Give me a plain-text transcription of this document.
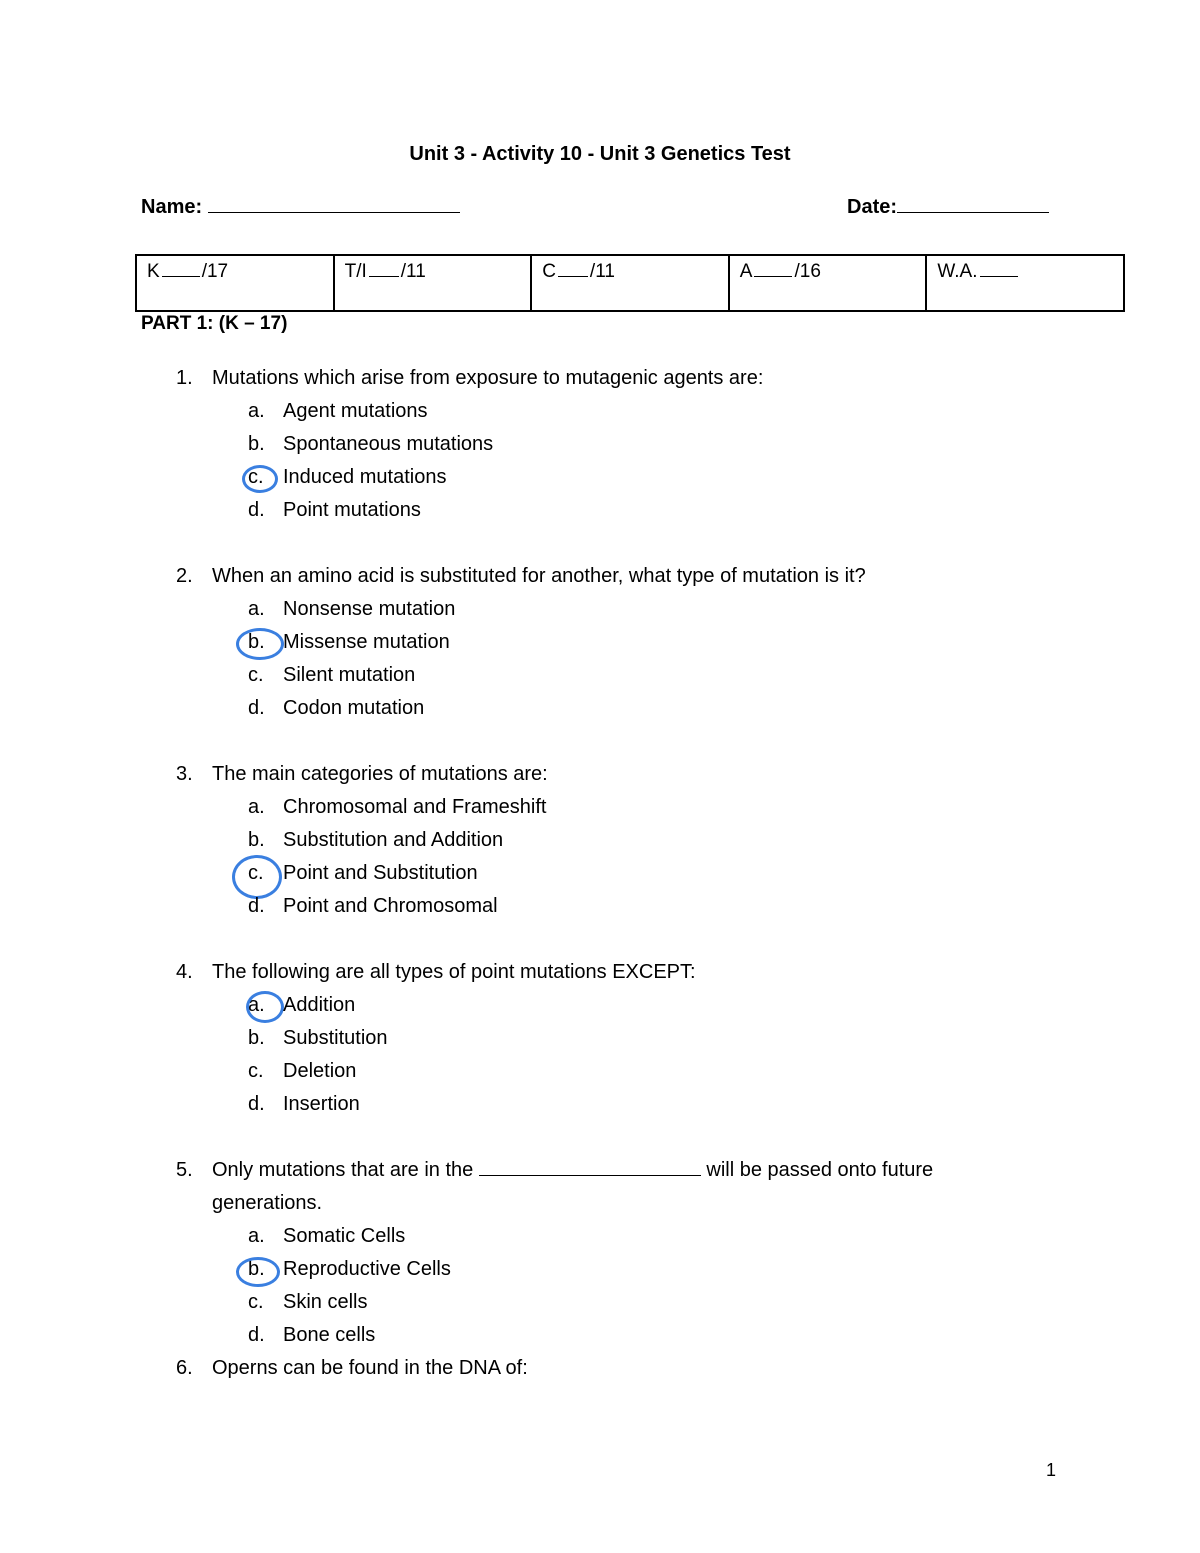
Unit 3 - Activity 10 - Unit 3 Genetics Test
Name:	Date:
K /17	T/I /11	C /11	A /16	W.A.
PART 1: (K – 17)
1. Mutations which arise from exposure to mutagenic agents are:
a. Agent mutations
b. Spontaneous mutations
c. Induced mutations
d. Point mutations
2. When an amino acid is substituted for another, what type of mutation is it?
a. Nonsense mutation
b. Missense mutation
c. Silent mutation
d. Codon mutation
3. The main categories of mutations are:
a. Chromosomal and Frameshift
b. Substitution and Addition
c. Point and Substitution
d. Point and Chromosomal
4. The following are all types of point mutations EXCEPT:
a. Addition
b. Substitution
c. Deletion
d. Insertion
5. Only mutations that are in the	will be passed onto future
generations.
a. Somatic Cells
b. Reproductive Cells
c. Skin cells
d. Bone cells
6. Operns can be found in the DNA of:
1
